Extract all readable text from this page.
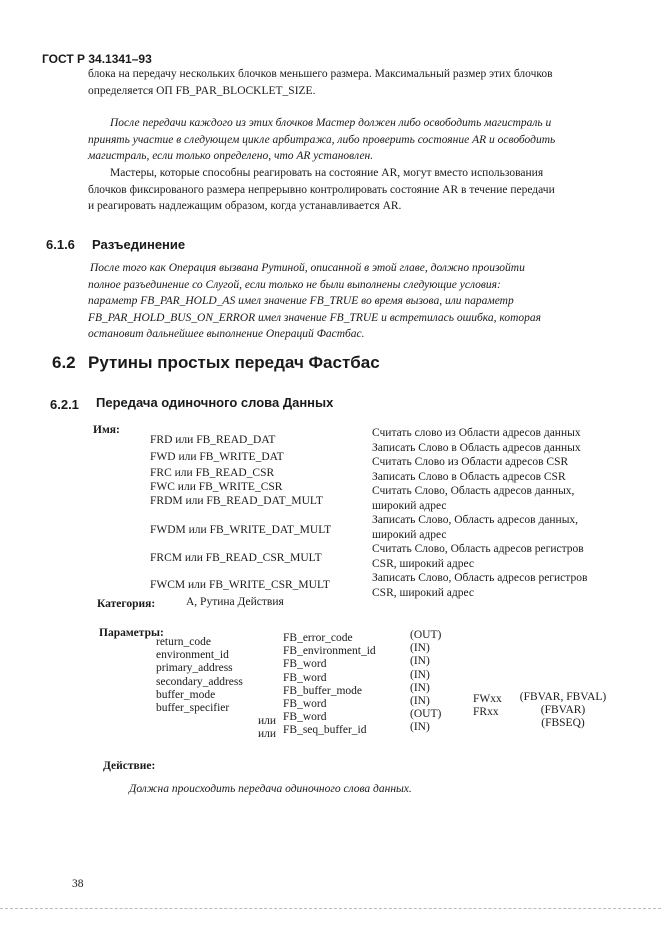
ГОСТ Р 34.1341–93

блока на передачу нескольких блочков меньшего размера. Максимальный размер этих блочков

определяется ОП FB_PAR_BLOCKLET_SIZE.

После передачи каждого из этих блочков Мастер должен либо освободить магистраль и

принять участие в следующем цикле арбитража, либо проверить состояние AR и освободить

магистраль, если только определено, что AR установлен.

Мастеры, которые способны реагировать на состояние AR, могут вместо использования

блочков фиксированого размера непрерывно контролировать состояние AR в течение передачи

и реагировать надлежащим образом, когда устанавливается AR.

6.1.6 Разъединение

После того как Операция вызвана Рутиной, описанной в этой главе, должно произойти

полное разъединение со Слугой, если только не были выполнены следующие условия:

параметр FB_PAR_HOLD_AS имел значение FB_TRUE во время вызова, или параметр

FB_PAR_HOLD_BUS_ON_ERROR имел значение FB_TRUE и встретилась ошибка, которая

остановит дальнейшее выполнение Операций Фастбас.

6.2 Рутины простых передач Фастбас
6.2.1 Передача одиночного слова Данных
Имя:
FRD или FB_READ_DAT
FWD или FB_WRITE_DAT
FRC или FB_READ_CSR
FWC или FB_WRITE_CSR
FRDM или FB_READ_DAT_MULT
FWDM или FB_WRITE_DAT_MULT
FRCM или FB_READ_CSR_MULT
FWCM или FB_WRITE_CSR_MULT
Считать слово из Области адресов данных
Записать Слово в Область адресов данных
Считать Слово из Области адресов CSR
Записать Слово в Область адресов CSR
Считать Слово, Область адресов данных,
широкий адрес
Записать Слово, Область адресов данных,
широкий адрес
Считать Слово, Область адресов регистров
CSR, широкий адрес
Записать Слово, Область адресов регистров
CSR, широкий адрес
Категория:	А, Рутина Действия
Параметры:
return_code
environment_id
primary_address
secondary_address
buffer_mode
buffer_specifier
или
или
FB_error_code
FB_environment_id
FB_word
FB_word
FB_buffer_mode
FB_word
FB_word
FB_seq_buffer_id
(OUT)
(IN)
(IN)
(IN)
(IN)
(IN)
(OUT)
(IN)
FWxx
FRxx
(FBVAR, FBVAL)
(FBVAR)
(FBSEQ)
Действие:
Должна происходить передача одиночного слова данных.
38
